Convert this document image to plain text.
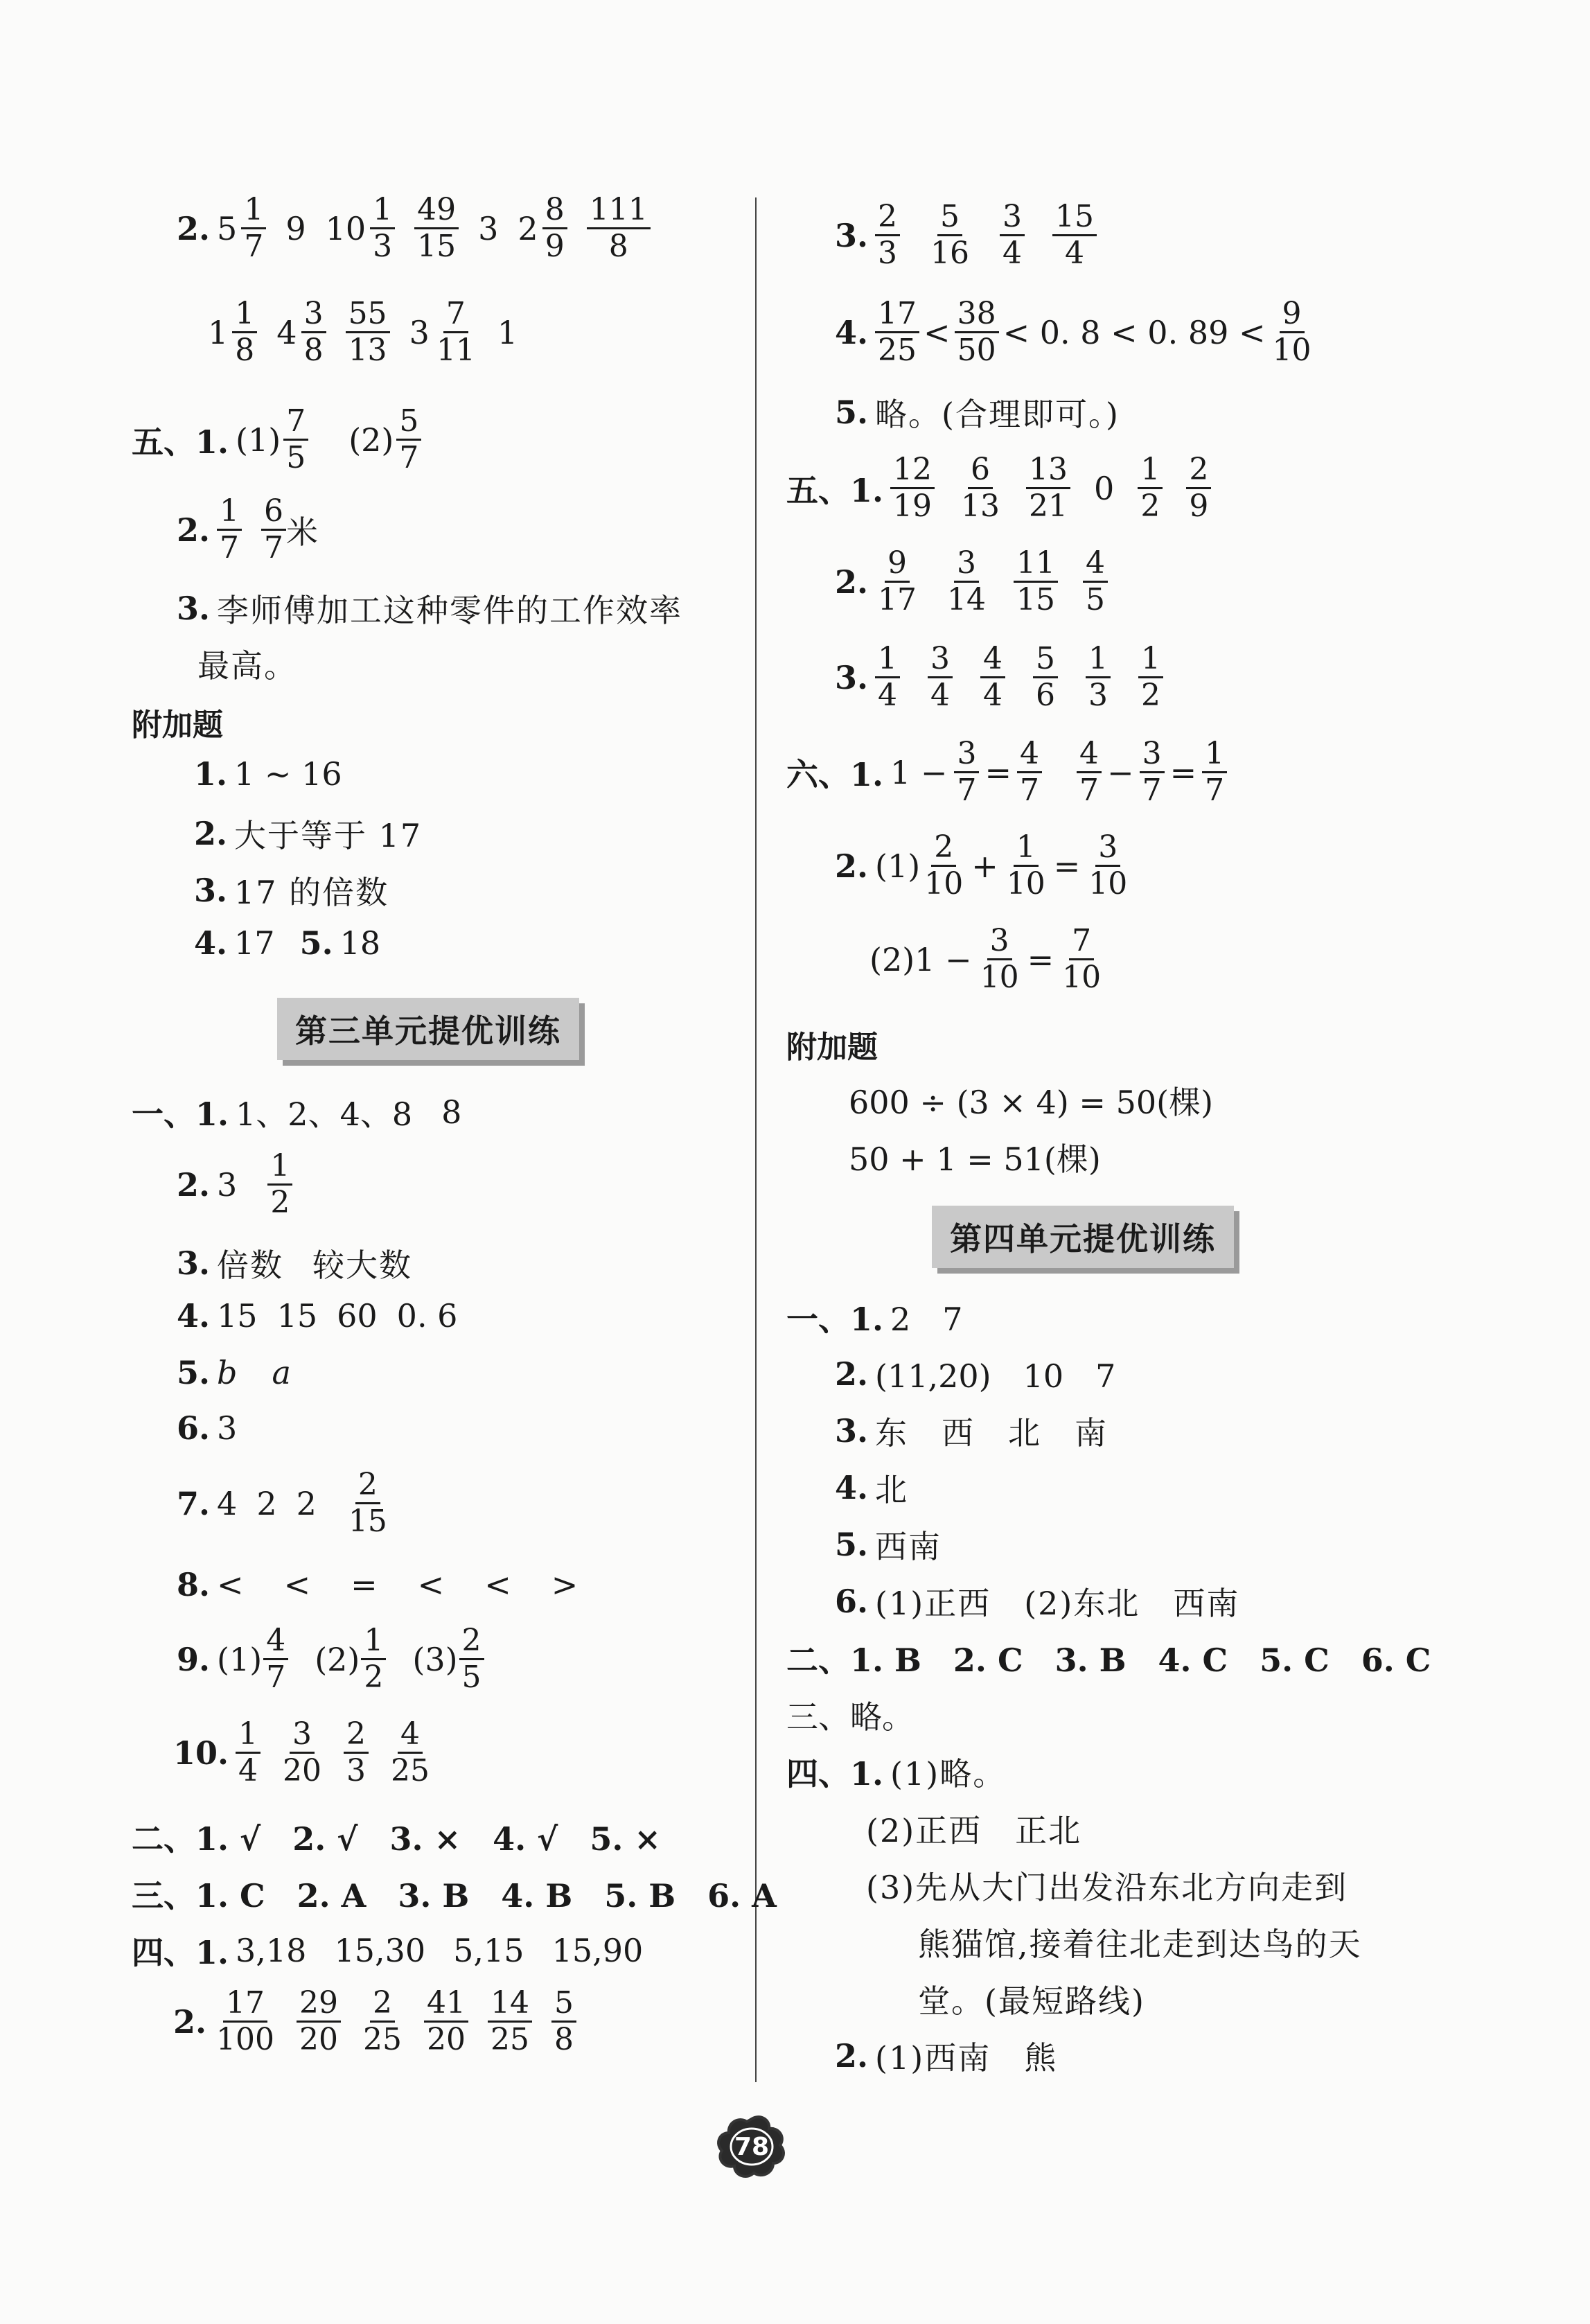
2. $5 \frac{1}{7} 9$ $10 \frac{1}{3} \frac{49}{15} 3$ $2 \frac{8}{9} \frac{111}{8}$
$1 \frac{1}{8} 4 \frac{3}{8} \frac{55}{13} 3 \frac{7}{11} 1$
五、1. $(1) \frac{7}{5} (2) \frac{5}{7}$
2. $\frac{1}{7} \frac{6}{7}$ 米
3. 李师傅加工这种零件的工作效率
最高。
附加题
1. 1 ~ 16
2. 大于等于 17
3. 17 的倍数
4. 17 5. 18
第三单元提优训练
一、1. 1、2、4、8 8
2. $3 \frac{1}{2}$
3. 倍数 较大数
4. 15 15 60 0. 6
5. b a
6. 3
7. 4 2 $2 \frac{2}{15}$
8. < < = < < >
9. $(1) \frac{4}{7} (2) \frac{1}{2} (3) \frac{2}{5}$
10. $\frac{1}{4} \frac{3}{20} \frac{2}{3} \frac{4}{25}$
二、1. √　2. √　3. ×　4. √　5. ×
三、1. C　2. A　3. B　4. B　5. B　6. A
四、1. 3,18 15,30 5,15 15,90
2. $\frac{17}{100} \frac{29}{20} \frac{2}{25} \frac{41}{20} \frac{14}{25} \frac{5}{8}$
3. $\frac{2}{3} \frac{5}{16} \frac{3}{4} \frac{15}{4}$
4. $\frac{17}{25} < \frac{38}{50} < 0$. 8 < 0. $89 < \frac{9}{10}$
5. 略。(合理即可。)
五、1. $\frac{12}{19} \frac{6}{13} \frac{13}{21} 0 \frac{1}{2} \frac{2}{9}$
2. $\frac{9}{17} \frac{3}{14} \frac{11}{15} \frac{4}{5}$
3. $\frac{1}{4} \frac{3}{4} \frac{4}{4} \frac{5}{6} \frac{1}{3} \frac{1}{2}$
六、1. $1 - \frac{3}{7} = \frac{4}{7} \frac{4}{7} - \frac{3}{7} = \frac{1}{7}$
2. $(1) \frac{2}{10} + \frac{1}{10} = \frac{3}{10}$
$(2)1 - \frac{3}{10} = \frac{7}{10}$
附加题
600 ÷ (3 × 4) = 50(棵)
50 + 1 = 51(棵)
第四单元提优训练
一、1. 2　7
2. (11,20)　10　7
3. 东　西　北　南
4. 北
5. 西南
6. (1)正西　(2)东北　西南
二、1. B　2. C　3. B　4. C　5. C　6. C
三、略。
四、1. (1)略。
(2)正西　正北
(3)先从大门出发沿东北方向走到
熊猫馆,接着往北走到达鸟的天
堂。(最短路线)
2. (1)西南　熊
78
